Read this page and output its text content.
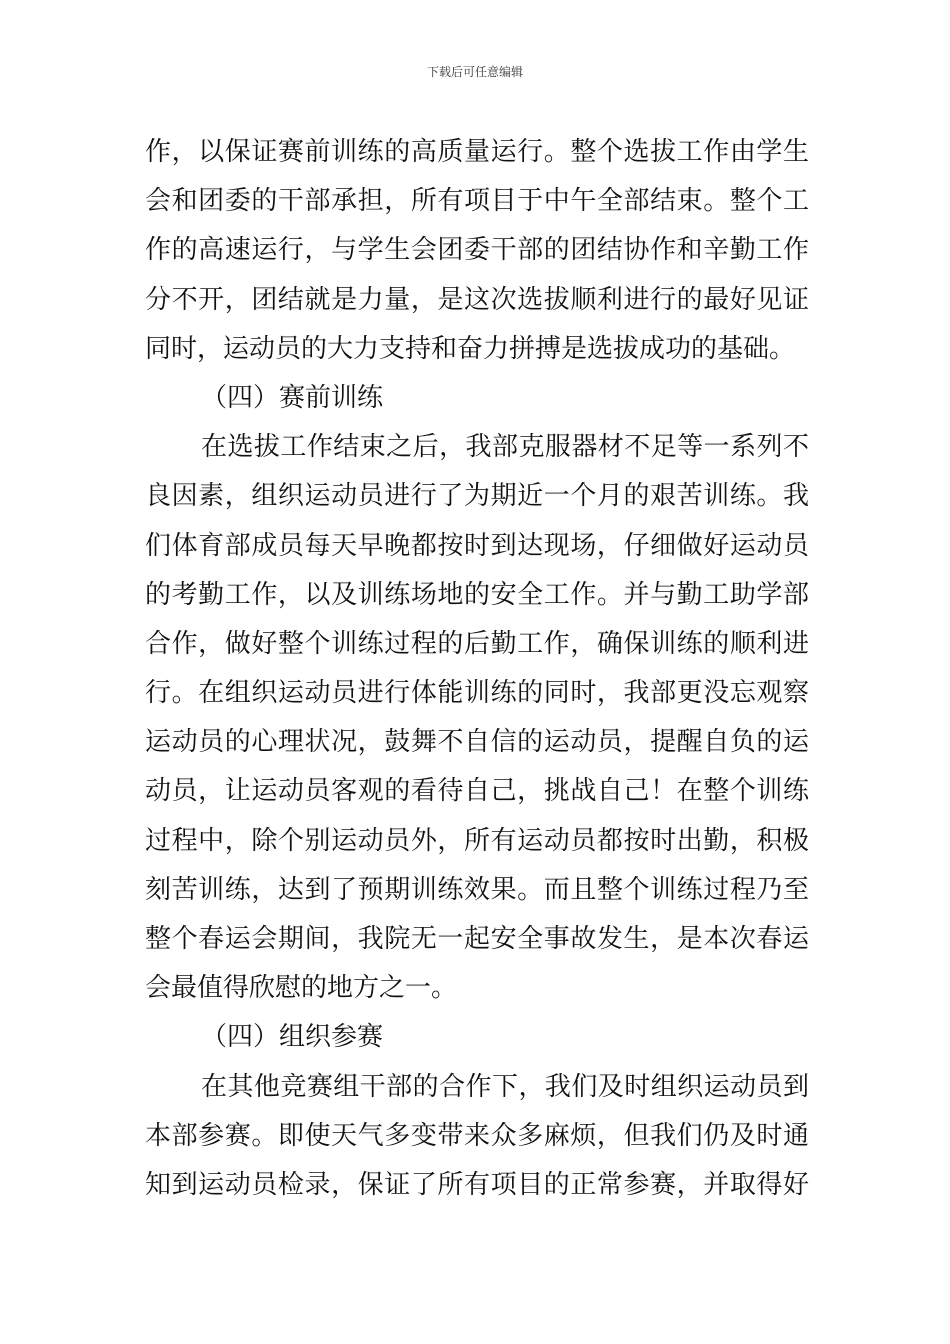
下载后可任意编辑
作，以保证赛前训练的高质量运行。整个选拔工作由学生
会和团委的干部承担，所有项目于中午全部结束。整个工
作的高速运行，与学生会团委干部的团结协作和辛勤工作
分不开，团结就是力量，是这次选拔顺利进行的最好见证
同时，运动员的大力支持和奋力拼搏是选拔成功的基础。
（四）赛前训练
在选拔工作结束之后，我部克服器材不足等一系列不
良因素，组织运动员进行了为期近一个月的艰苦训练。我
们体育部成员每天早晚都按时到达现场，仔细做好运动员
的考勤工作，以及训练场地的安全工作。并与勤工助学部
合作，做好整个训练过程的后勤工作，确保训练的顺利进
行。在组织运动员进行体能训练的同时，我部更没忘观察
运动员的心理状况，鼓舞不自信的运动员，提醒自负的运
动员，让运动员客观的看待自己，挑战自己！在整个训练
过程中，除个别运动员外，所有运动员都按时出勤，积极
刻苦训练，达到了预期训练效果。而且整个训练过程乃至
整个春运会期间，我院无一起安全事故发生，是本次春运
会最值得欣慰的地方之一。
（四）组织参赛
在其他竞赛组干部的合作下，我们及时组织运动员到
本部参赛。即使天气多变带来众多麻烦，但我们仍及时通
知到运动员检录，保证了所有项目的正常参赛，并取得好
